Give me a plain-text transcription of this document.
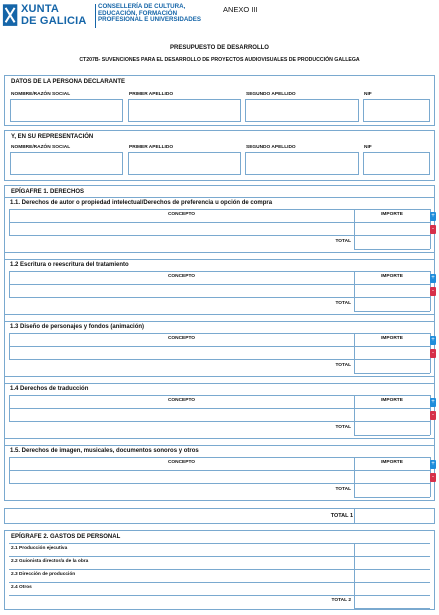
XUNTA
DE GALICIA
CONSELLERÍA DE CULTURA,
EDUCACIÓN, FORMACIÓN
PROFESIONAL E UNIVERSIDADES
ANEXO III
PRESUPUESTO DE DESARROLLO
CT207B- SUVENCIONES PARA EL DESARROLLO DE PROYECTOS AUDIOVISUALES DE PRODUCCIÓN GALLEGA
DATOS DE LA PERSONA DECLARANTE
NOMBRE/RAZÓN SOCIAL	PRIMER APELLIDO	SEGUNDO APELLIDO	NIF
Y, EN SU REPRESENTACIÓN
NOMBRE/RAZÓN SOCIAL	PRIMER APELLIDO	SEGUNDO APELLIDO	NIF
EPÍGAFRE 1. DERECHOS
1.1. Derechos de autor o propiedad intelectual/Derechos de preferencia u opción de compra
CONCEPTO	IMPORTE
TOTAL
+
-
1.2 Escritura o reescritura del tratamiento
CONCEPTO	IMPORTE
TOTAL
+
-
1.3 Diseño de personajes y fondos (animación)
CONCEPTO	IMPORTE
TOTAL
+
-
1.4 Derechos de traducción
CONCEPTO	IMPORTE
TOTAL
+
-
1.5. Derechos de imagen, musicales, documentos sonoros y otros
CONCEPTO	IMPORTE
TOTAL
+
-
TOTAL 1
EPÍGRAFE 2. GASTOS DE PERSONAL
2.1 Producción ejecutiva
2.2 Guionista director/a de la obra
2.3 Dirección de producción
2.4 Otros
TOTAL 2
